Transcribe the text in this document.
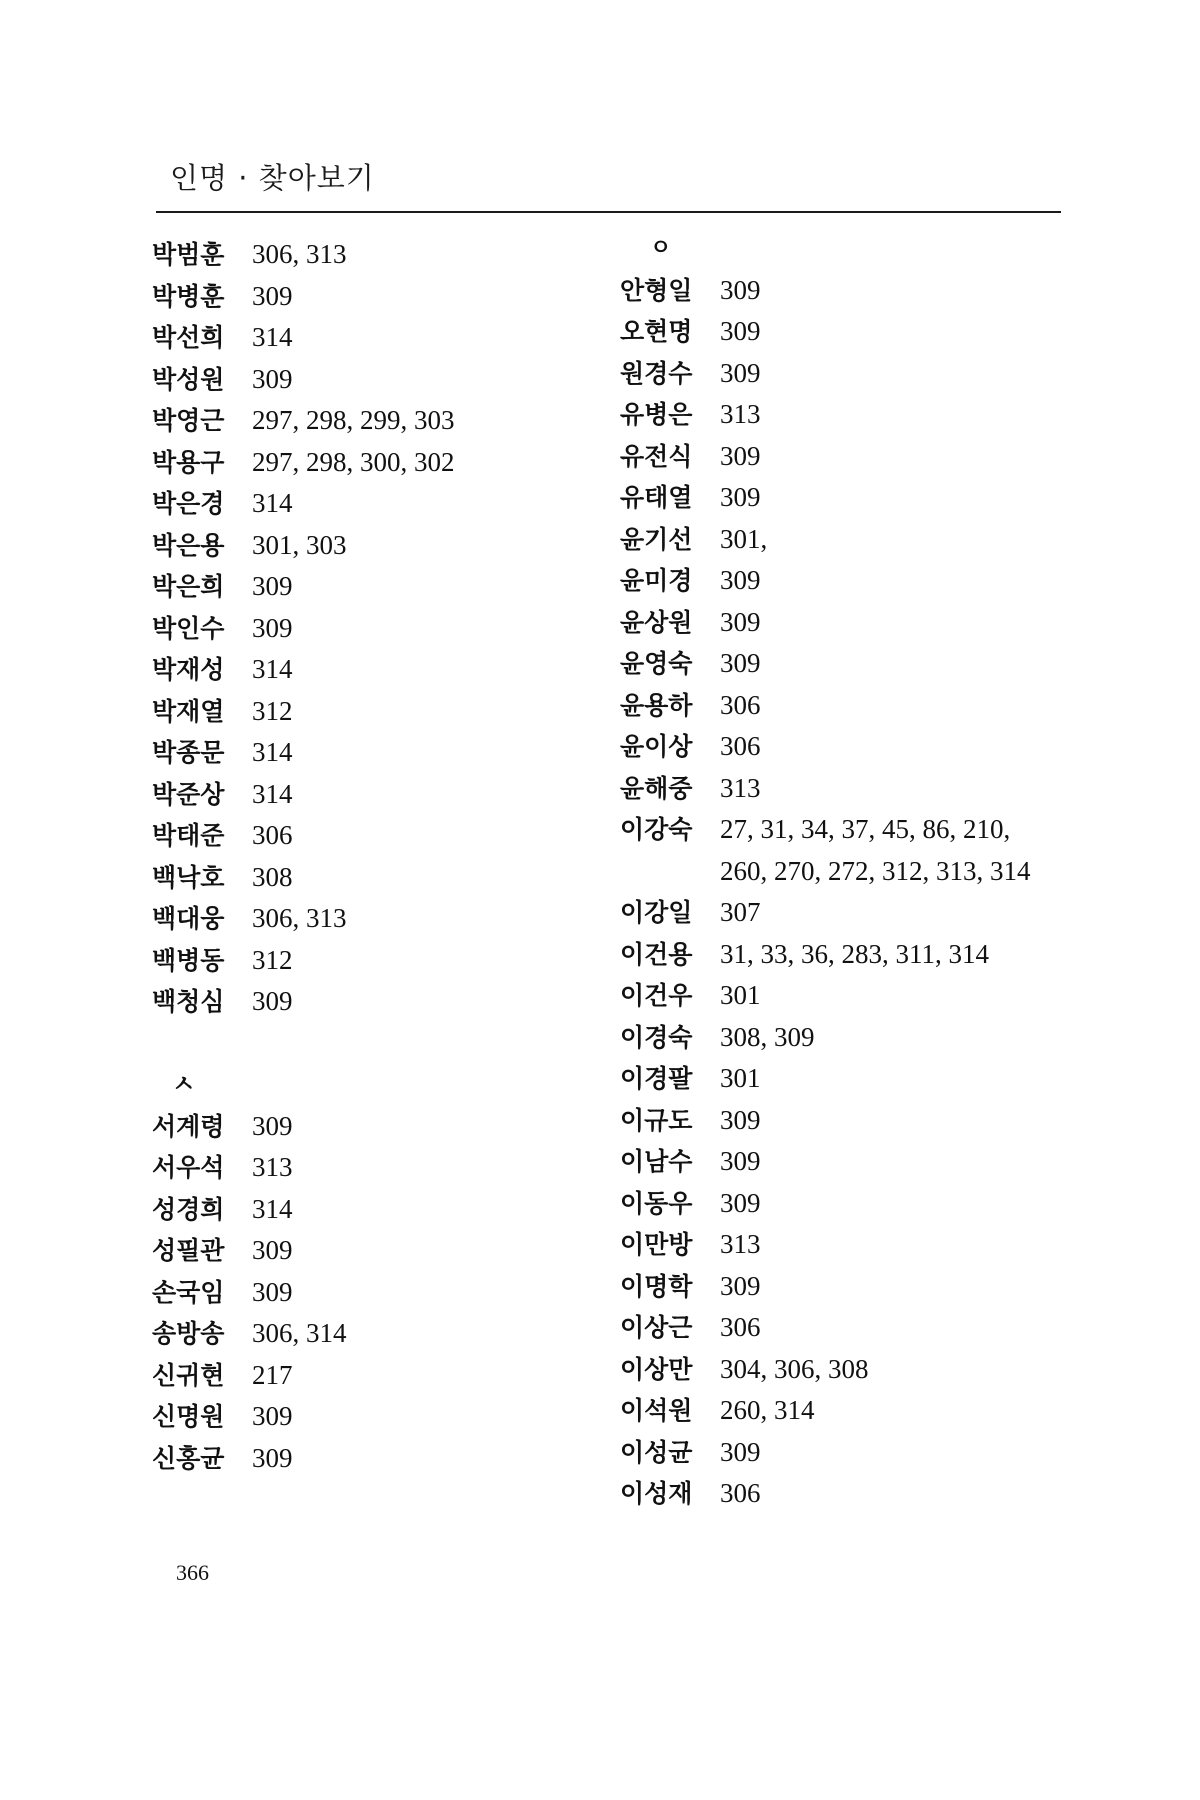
인명 · 찾아보기
박범훈	306, 313
박병훈	309
박선희	314
박성원	309
박영근	297, 298, 299, 303
박용구	297, 298, 300, 302
박은경	314
박은용	301, 303
박은희	309
박인수	309
박재성	314
박재열	312
박종문	314
박준상	314
박태준	306
백낙호	308
백대웅	306, 313
백병동	312
백청심	309
ㅅ
서계령	309
서우석	313
성경희	314
성필관	309
손국임	309
송방송	306, 314
신귀현	217
신명원	309
신홍균	309
ㅇ
안형일	309
오현명	309
원경수	309
유병은	313
유전식	309
유태열	309
윤기선	301,
윤미경	309
윤상원	309
윤영숙	309
윤용하	306
윤이상	306
윤해중	313
이강숙	27, 31, 34, 37, 45, 86, 210,
260, 270, 272, 312, 313, 314
이강일	307
이건용	31, 33, 36, 283, 311, 314
이건우	301
이경숙	308, 309
이경팔	301
이규도	309
이남수	309
이동우	309
이만방	313
이명학	309
이상근	306
이상만	304, 306, 308
이석원	260, 314
이성균	309
이성재	306
366
